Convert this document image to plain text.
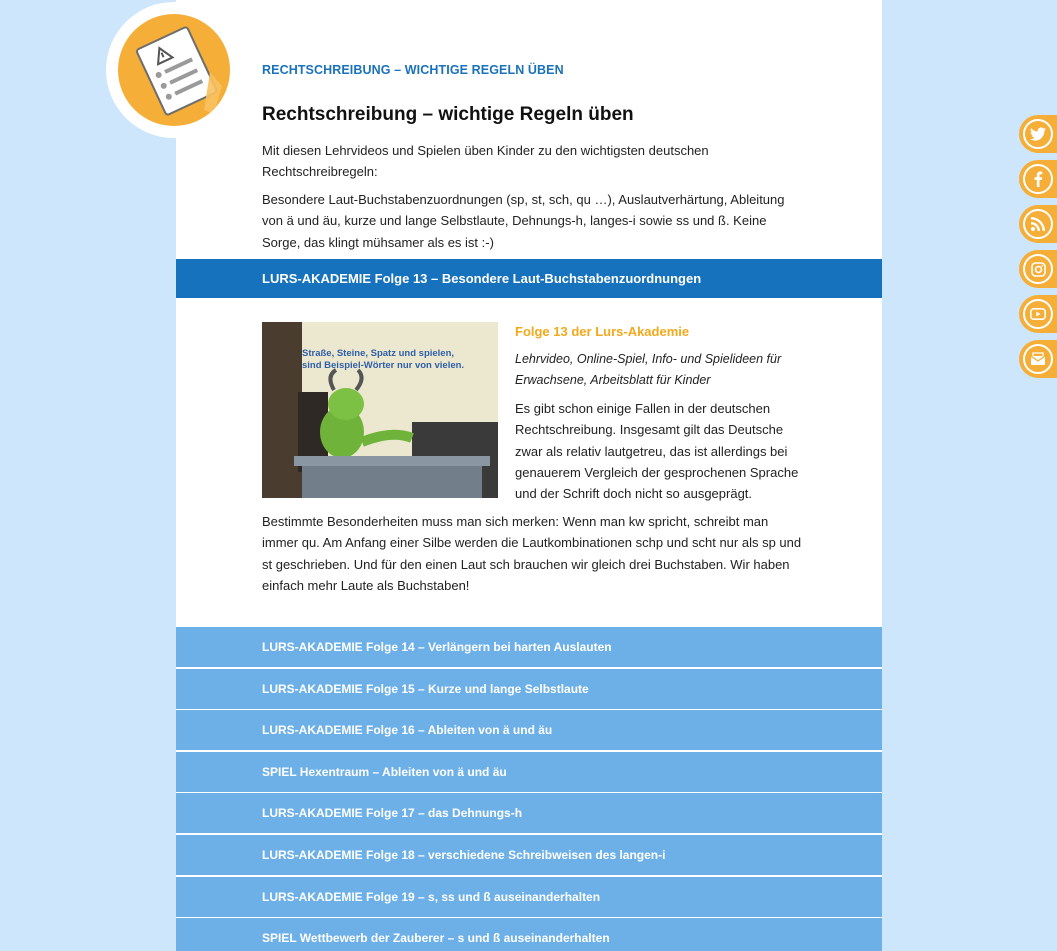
RECHTSCHREIBUNG – WICHTIGE REGELN ÜBEN
Rechtschreibung – wichtige Regeln üben

Mit diesen Lehrvideos und Spielen üben Kinder zu den wichtigsten deutschen Rechtschreibregeln:

Besondere Laut-Buchstabenzuordnungen (sp, st, sch, qu …), Auslautverhärtung, Ableitung von ä und äu, kurze und lange Selbstlaute, Dehnungs-h, langes-i sowie ss und ß. Keine Sorge, das klingt mühsamer als es ist :-)

LURS-AKADEMIE Folge 13 – Besondere Laut-Buchstabenzuordnungen
Straße, Steine, Spatz und spielen,
sind Beispiel-Wörter nur von vielen.
Folge 13 der Lurs-Akademie
Lehrvideo, Online-Spiel, Info- und Spielideen für Erwachsene, Arbeitsblatt für Kinder
Es gibt schon einige Fallen in der deutschen Rechtschreibung. Insgesamt gilt das Deutsche zwar als relativ lautgetreu, das ist allerdings bei genauerem Vergleich der gesprochenen Sprache und der Schrift doch nicht so ausgeprägt.
Bestimmte Besonderheiten muss man sich merken: Wenn man kw spricht, schreibt man immer qu. Am Anfang einer Silbe werden die Lautkombinationen schp und scht nur als sp und st geschrieben. Und für den einen Laut sch brauchen wir gleich drei Buchstaben. Wir haben einfach mehr Laute als Buchstaben!
LURS-AKADEMIE Folge 14 – Verlängern bei harten Auslauten
LURS-AKADEMIE Folge 15 – Kurze und lange Selbstlaute
LURS-AKADEMIE Folge 16 – Ableiten von ä und äu
SPIEL Hexentraum – Ableiten von ä und äu
LURS-AKADEMIE Folge 17 – das Dehnungs-h
LURS-AKADEMIE Folge 18 – verschiedene Schreibweisen des langen-i
LURS-AKADEMIE Folge 19 – s, ss und ß auseinanderhalten
SPIEL Wettbewerb der Zauberer – s und ß auseinanderhalten
